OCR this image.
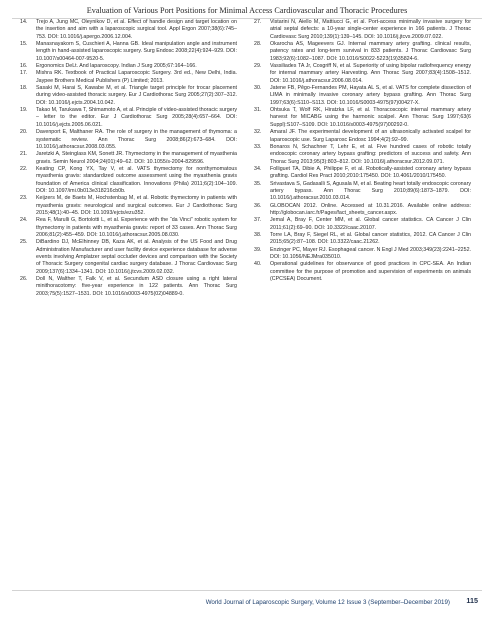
Evaluation of Various Port Positions for Minimal Access Cardiovascular and Thoracic Procedures
14. Trejo A, Jung MC, Oleynikov D, et al. Effect of handle design and target location on the insertion and aim with a laparoscopic surgical tool. Appl Ergon 2007;38(6):745–753. DOI: 10.1016/j.apergo.2006.12.004.
15. Manasnayakorn S, Cuschieri A, Hanna GB. Ideal manipulation angle and instrument length in hand-assisted laparoscopic surgery. Surg Endosc 2008;22(4):924–929. DOI: 10.1007/s00464-007-9520-5.
16. Ergonomics DeLt. And laparoscopy. Indian J Surg 2005;67:164–166.
17. Mishra RK. Textbook of Practical Laparoscopic Surgery. 3rd ed., New Delhi, India. Jaypee Brothers Medical Publishers (P) Limited; 2013.
18. Sasaki M, Harai S, Kawabe M, et al. Triangle target principle for trocar placement during video-assisted thoracic surgery. Eur J Cardiothorac Surg 2005;27(2):307–312. DOI: 10.1016/j.ejcts.2004.10.042.
19. Takao M, Tarukawa T, Shimamoto A, et al. Principle of video-assisted thoracic surgery – letter to the editor. Eur J Cardiothorac Surg 2005;28(4):657–664. DOI: 10.1016/j.ejcts.2005.06.021.
20. Davenport E, Malthaner RA. The role of surgery in the management of thymoma: a systematic review. Ann Thorac Surg 2008;86(2):673–684. DOI: 10.1016/j.athoracsur.2008.03.055.
21. Jaretzki A, Steinglass KM, Sonett JR. Thymectomy in the management of myasthenia gravis. Semin Neurol 2004;24(01):49–62. DOI: 10.1055/s-2004-829596.
22. Keating CP, Kong YX, Tay V, et al. VATS thymectomy for nonthymomatous myasthenia gravis: standardized outcome assessment using the myasthenia gravis foundation of America clinical classification. Innovations (Phila) 2011;6(2):104–109. DOI: 10.1097/imi.0b013e318216cb0b.
23. Keijzers M, de Baets M, Hochstenbag M, et al. Robotic thymectomy in patients with myasthenia gravis: neurological and surgical outcomes. Eur J Cardiothorac Surg 2015;48(1):40–45. DOI: 10.1093/ejcts/ezu352.
24. Rea F, Marulli G, Bortolotti L, et al. Experience with the “da Vinci” robotic system for thymectomy in patients with myasthenia gravis: report of 33 cases. Ann Thorac Surg 2006;81(2):455–459. DOI: 10.1016/j.athoracsur.2005.08.030.
25. DiBardino DJ, McElhinney DB, Kaza AK, et al. Analysis of the US Food and Drug Administration Manufacturer and user facility device experience database for adverse events involving Amplatzer septal occluder devices and comparison with the Society of Thoracic Surgery congenital cardiac surgery database. J Thorac Cardiovasc Surg 2009;137(6):1334–1341. DOI: 10.1016/j.jtcvs.2009.02.032.
26. Doll N, Walther T, Falk V, et al. Secundum ASD closure using a right lateral minithoracotomy: five-year experience in 122 patients. Ann Thorac Surg 2003;75(5):1527–1531. DOI: 10.1016/s0003-4975(02)04889-0.
27. Vistarini N, Aiello M, Mattiucci G, et al. Port-access minimally invasive surgery for atrial septal defects: a 10-year single-center experience in 166 patients. J Thorac Cardiovasc Surg 2010;139(1):139–145. DOI: 10.1016/j.jtcvs.2009.07.022.
28. Okarocha AS, Mageevers GJ. Internal mammary artery grafting. clinical results, patency rates and long-term survival in 833 patients. J Thorac Cardiovasc Surg 1983;92(6):1082–1087. DOI: 10.1016/S0022-5223(19)35824-6.
29. Vassiliades TA Jr, Cosgriff N, et al. Superiority of using bipolar radiofrequency energy for internal mammary artery Harvesting. Ann Thorac Surg 2007;83(4):1508–1512. DOI: 10.1016/j.athoracsur.2006.08.014.
30. Jatene FB, Pêgo-Fernandes PM, Hayata AL S, et al. VATS for complete dissection of LIMA in minimally invasive coronary artery bypass grafting. Ann Thorac Surg 1997;63(6):S110–S113. DOI: 10.1016/S0003-4975(97)00427-X.
31. Ohtsuka T, Wolf RK, Hiratzka LF, et al. Thoracoscopic internal mammary artery harvest for MICABG using the harmonic scalpel. Ann Thorac Surg 1997;63(6 Suppl):S107–S109. DOI: 10.1016/s0003-4975(97)00292-0.
32. Amaral JF. The experimental development of an ultrasonically activated scalpel for laparoscopic use. Surg Laparosc Endosc 1994;4(2):92–99.
33. Bonaros N, Schachner T, Lehr E, et al. Five hundred cases of robotic totally endoscopic coronary artery bypass grafting: predictors of success and safety. Ann Thorac Surg 2013;95(3):803–812. DOI: 10.1016/j.athoracsur.2012.09.071.
34. Folliguet TA, Dibie A, Philippe F, et al. Robotically-assisted coronary artery bypass grafting. Cardiol Res Pract 2010;2010:175450. DOI: 10.4061/2010/175450.
35. Srivastava S, Gadasalli S, Agusala M, et al. Beating heart totally endoscopic coronary artery bypass. Ann Thorac Surg 2010;89(6):1873–1879. DOI: 10.1016/j.athoracsur.2010.03.014.
36. GLOBOCAN 2012. Online. Accessed at 10.31.2016. Available online address: http://globocan.iarc.fr/Pages/fact_sheets_cancer.aspx.
37. Jemal A, Bray F, Center MM, et al. Global cancer statistics. CA Cancer J Clin 2011;61(2):69–90. DOI: 10.3322/caac.20107.
38. Torre LA, Bray F, Siegel RL, et al. Global cancer statistics, 2012. CA Cancer J Clin 2015;65(2):87–108. DOI: 10.3322/caac.21262.
39. Enzinger PC, Mayer RJ. Esophageal cancer. N Engl J Med 2003;349(23):2241–2252. DOI: 10.1056/NEJMra035010.
40. Operational guidelines for observance of good practices in CPC-SEA. An Indian committee for the purpose of promotion and supervision of experiments on animals (CPCSEA) Document.
World Journal of Laparoscopic Surgery, Volume 12 Issue 3 (September–December 2019) 115
